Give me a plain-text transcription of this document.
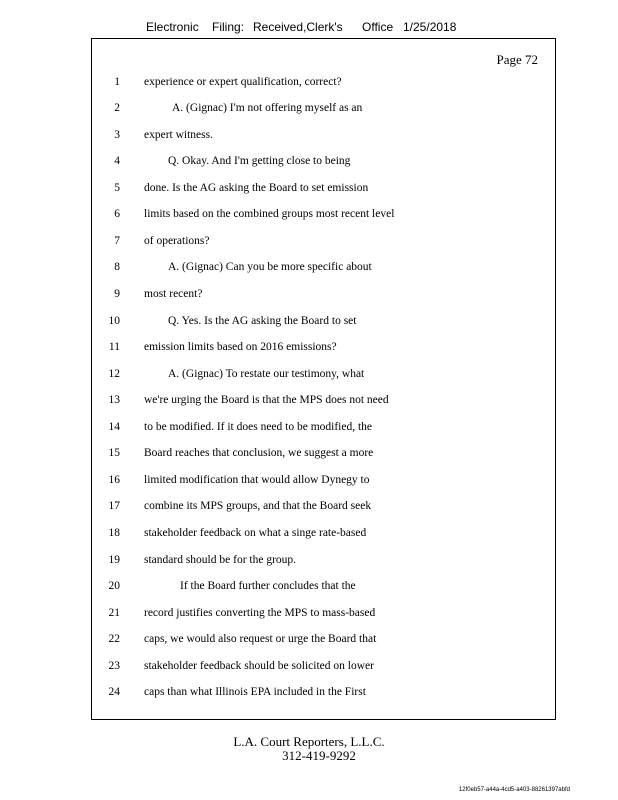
Electronic Filing: Received,Clerk's Office 1/25/2018
Page 72
1 experience or expert qualification, correct?
2	A. (Gignac) I'm not offering myself as an
3 expert witness.
4	Q. Okay. And I'm getting close to being
5 done. Is the AG asking the Board to set emission
6 limits based on the combined groups most recent level
7 of operations?
8	A. (Gignac) Can you be more specific about
9 most recent?
10	Q. Yes. Is the AG asking the Board to set
11 emission limits based on 2016 emissions?
12	A. (Gignac) To restate our testimony, what
13 we're urging the Board is that the MPS does not need
14 to be modified. If it does need to be modified, the
15 Board reaches that conclusion, we suggest a more
16 limited modification that would allow Dynegy to
17 combine its MPS groups, and that the Board seek
18 stakeholder feedback on what a singe rate-based
19 standard should be for the group.
20	If the Board further concludes that the
21 record justifies converting the MPS to mass-based
22 caps, we would also request or urge the Board that
23 stakeholder feedback should be solicited on lower
24 caps than what Illinois EPA included in the First
L.A. Court Reporters, L.L.C.
312-419-9292
12f0eb57-a44a-4cd5-a403-88261397abfd
